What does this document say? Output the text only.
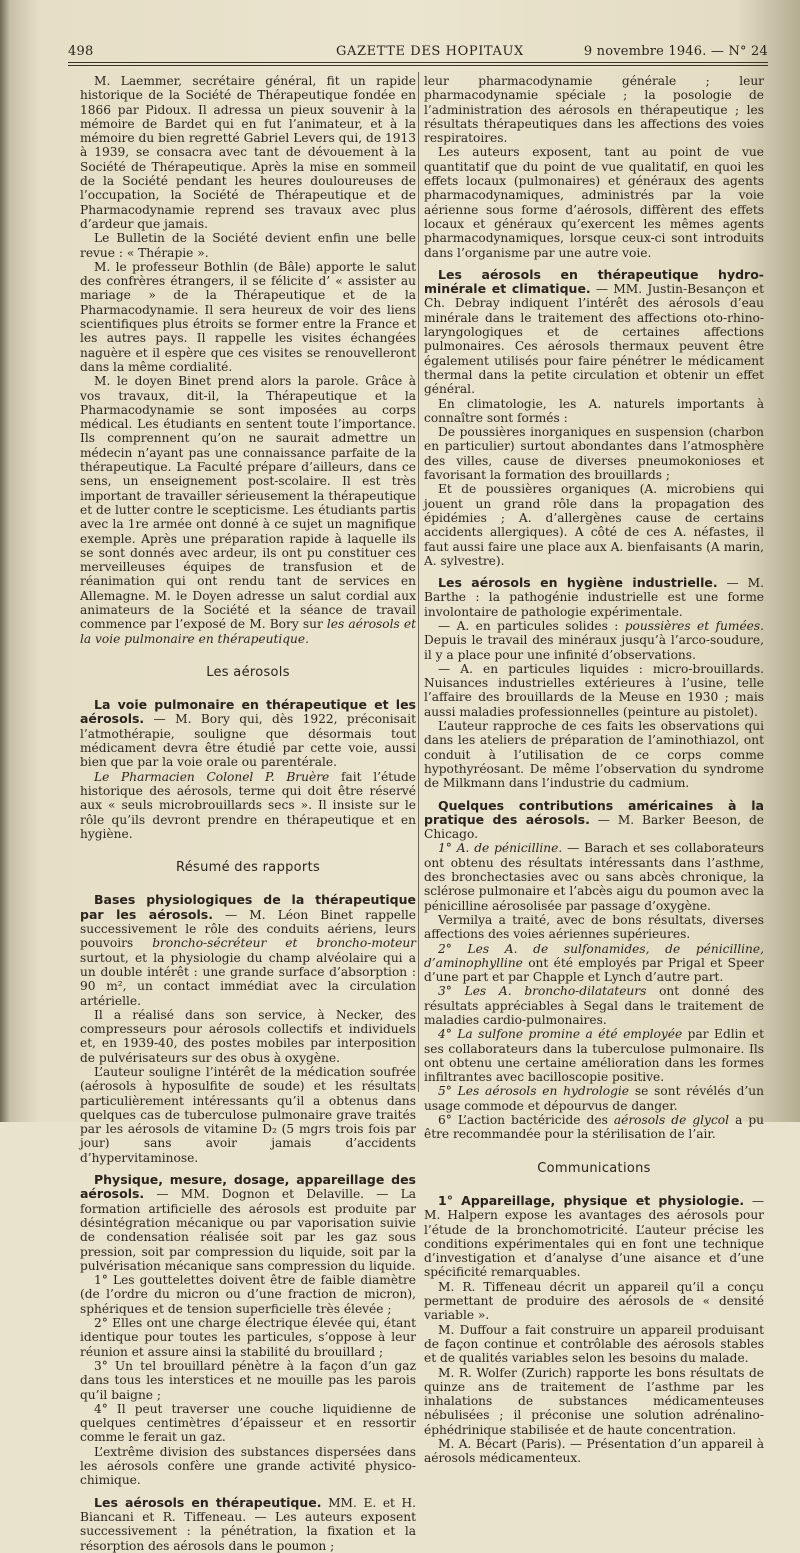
498	GAZETTE DES HOPITAUX	9 novembre 1946. — N° 24

M. Laemmer, secrétaire général, fit un rapide historique de la Société de Thérapeutique fondée en 1866 par Pidoux. Il adressa un pieux souvenir à la mémoire de Bardet qui en fut l’animateur, et à la mémoire du bien regretté Gabriel Levers qui, de 1913 à 1939, se consacra avec tant de dévouement à la Société de Thérapeutique. Après la mise en sommeil de la Société pendant les heures douloureuses de l’occupation, la Société de Thérapeutique et de Pharmacodynamie reprend ses travaux avec plus d’ardeur que jamais.

Le Bulletin de la Société devient enfin une belle revue : « Thérapie ».

M. le professeur Bothlin (de Bâle) apporte le salut des confrères étrangers, il se félicite d’ « assister au mariage » de la Thérapeutique et de la Pharmacodynamie. Il sera heureux de voir des liens scientifiques plus étroits se former entre la France et les autres pays. Il rappelle les visites échangées naguère et il espère que ces visites se renouvelleront dans la même cordialité.

M. le doyen Binet prend alors la parole. Grâce à vos travaux, dit-il, la Thérapeutique et la Pharmacodynamie se sont imposées au corps médical. Les étudiants en sentent toute l’importance. Ils comprennent qu’on ne saurait admettre un médecin n’ayant pas une connaissance parfaite de la thérapeutique. La Faculté prépare d’ailleurs, dans ce sens, un enseignement post-scolaire. Il est très important de travailler sérieusement la thérapeutique et de lutter contre le scepticisme. Les étudiants partis avec la 1re armée ont donné à ce sujet un magnifique exemple. Après une préparation rapide à laquelle ils se sont donnés avec ardeur, ils ont pu constituer ces merveilleuses équipes de transfusion et de réanimation qui ont rendu tant de services en Allemagne. M. le Doyen adresse un salut cordial aux animateurs de la Société et la séance de travail commence par l’exposé de M. Bory sur les aérosols et la voie pulmonaire en thérapeutique.

Les aérosols

La voie pulmonaire en thérapeutique et les aérosols. — M. Bory qui, dès 1922, préconisait l’atmothérapie, souligne que désormais tout médicament devra être étudié par cette voie, aussi bien que par la voie orale ou parentérale.

Le Pharmacien Colonel P. Bruère fait l’étude historique des aérosols, terme qui doit être réservé aux « seuls microbrouillards secs ». Il insiste sur le rôle qu’ils devront prendre en thérapeutique et en hygiène.

Résumé des rapports

Bases physiologiques de la thérapeutique par les aérosols. — M. Léon Binet rappelle successivement le rôle des conduits aériens, leurs pouvoirs broncho-sécréteur et broncho-moteur surtout, et la physiologie du champ alvéolaire qui a un double intérêt : une grande surface d’absorption : 90 m², un contact immédiat avec la circulation artérielle.

Il a réalisé dans son service, à Necker, des compresseurs pour aérosols collectifs et individuels et, en 1939-40, des postes mobiles par interposition de pulvérisateurs sur des obus à oxygène.

L’auteur souligne l’intérêt de la médication soufrée (aérosols à hyposulfite de soude) et les résultats particulièrement intéressants qu’il a obtenus dans quelques cas de tuberculose pulmonaire grave traités par les aérosols de vitamine D₂ (5 mgrs trois fois par jour) sans avoir jamais d’accidents d’hypervitaminose.

Physique, mesure, dosage, appareillage des aérosols. — MM. Dognon et Delaville. — La formation artificielle des aérosols est produite par désintégration mécanique ou par vaporisation suivie de condensation réalisée soit par les gaz sous pression, soit par compression du liquide, soit par la pulvérisation mécanique sans compression du liquide.

1° Les gouttelettes doivent être de faible diamètre (de l’ordre du micron ou d’une fraction de micron), sphériques et de tension superficielle très élevée ;

2° Elles ont une charge électrique élevée qui, étant identique pour toutes les particules, s’oppose à leur réunion et assure ainsi la stabilité du brouillard ;

3° Un tel brouillard pénètre à la façon d’un gaz dans tous les interstices et ne mouille pas les parois qu’il baigne ;

4° Il peut traverser une couche liquidienne de quelques centimètres d’épaisseur et en ressortir comme le ferait un gaz.

L’extrême division des substances dispersées dans les aérosols confère une grande activité physico-chimique.

Les aérosols en thérapeutique. MM. E. et H. Biancani et R. Tiffeneau. — Les auteurs exposent successivement : la pénétration, la fixation et la résorption des aérosols dans le poumon ;

leur pharmacodynamie générale ; leur pharmacodynamie spéciale ; la posologie de l’administration des aérosols en thérapeutique ; les résultats thérapeutiques dans les affections des voies respiratoires.

Les auteurs exposent, tant au point de vue quantitatif que du point de vue qualitatif, en quoi les effets locaux (pulmonaires) et généraux des agents pharmacodynamiques, administrés par la voie aérienne sous forme d’aérosols, diffèrent des effets locaux et généraux qu’exercent les mêmes agents pharmacodynamiques, lorsque ceux-ci sont introduits dans l’organisme par une autre voie.

Les aérosols en thérapeutique hydro-minérale et climatique. — MM. Justin-Besançon et Ch. Debray indiquent l’intérêt des aérosols d’eau minérale dans le traitement des affections oto-rhino-laryngologiques et de certaines affections pulmonaires. Ces aérosols thermaux peuvent être également utilisés pour faire pénétrer le médicament thermal dans la petite circulation et obtenir un effet général.

En climatologie, les A. naturels importants à connaître sont formés :

De poussières inorganiques en suspension (charbon en particulier) surtout abondantes dans l’atmosphère des villes, cause de diverses pneumokonioses et favorisant la formation des brouillards ;

Et de poussières organiques (A. microbiens qui jouent un grand rôle dans la propagation des épidémies ; A. d’allergènes cause de certains accidents allergiques). A côté de ces A. néfastes, il faut aussi faire une place aux A. bienfaisants (A marin, A. sylvestre).

Les aérosols en hygiène industrielle. — M. Barthe : la pathogénie industrielle est une forme involontaire de pathologie expérimentale.

— A. en particules solides : poussières et fumées. Depuis le travail des minéraux jusqu’à l’arco-soudure, il y a place pour une infinité d’observations.

— A. en particules liquides : micro-brouillards. Nuisances industrielles extérieures à l’usine, telle l’affaire des brouillards de la Meuse en 1930 ; mais aussi maladies professionnelles (peinture au pistolet).

L’auteur rapproche de ces faits les observations qui dans les ateliers de préparation de l’aminothiazol, ont conduit à l’utilisation de ce corps comme hypothyréosant. De même l’observation du syndrome de Milkmann dans l’industrie du cadmium.

Quelques contributions américaines à la pratique des aérosols. — M. Barker Beeson, de Chicago.

1° A. de pénicilline. — Barach et ses collaborateurs ont obtenu des résultats intéressants dans l’asthme, des bronchectasies avec ou sans abcès chronique, la sclérose pulmonaire et l’abcès aigu du poumon avec la pénicilline aérosolisée par passage d’oxygène.

Vermilya a traité, avec de bons résultats, diverses affections des voies aériennes supérieures.

2° Les A. de sulfonamides, de pénicilline, d’aminophylline ont été employés par Prigal et Speer d’une part et par Chapple et Lynch d’autre part.

3° Les A. broncho-dilatateurs ont donné des résultats appréciables à Segal dans le traitement de maladies cardio-pulmonaires.

4° La sulfone promine a été employée par Edlin et ses collaborateurs dans la tuberculose pulmonaire. Ils ont obtenu une certaine amélioration dans les formes infiltrantes avec bacilloscopie positive.

5° Les aérosols en hydrologie se sont révélés d’un usage commode et dépourvus de danger.

6° L’action bactéricide des aérosols de glycol a pu être recommandée pour la stérilisation de l’air.

Communications

1° Appareillage, physique et physiologie. — M. Halpern expose les avantages des aérosols pour l’étude de la bronchomotricité. L’auteur précise les conditions expérimentales qui en font une technique d’investigation et d’analyse d’une aisance et d’une spécificité remarquables.

M. R. Tiffeneau décrit un appareil qu’il a conçu permettant de produire des aérosols de « densité variable ».

M. Duffour a fait construire un appareil produisant de façon continue et contrôlable des aérosols stables et de qualités variables selon les besoins du malade.

M. R. Wolfer (Zurich) rapporte les bons résultats de quinze ans de traitement de l’asthme par les inhalations de substances médicamenteuses nébulisées ; il préconise une solution adrénalino-éphédrinique stabilisée et de haute concentration.

M. A. Bécart (Paris). — Présentation d’un appareil à aérosols médicamenteux.
